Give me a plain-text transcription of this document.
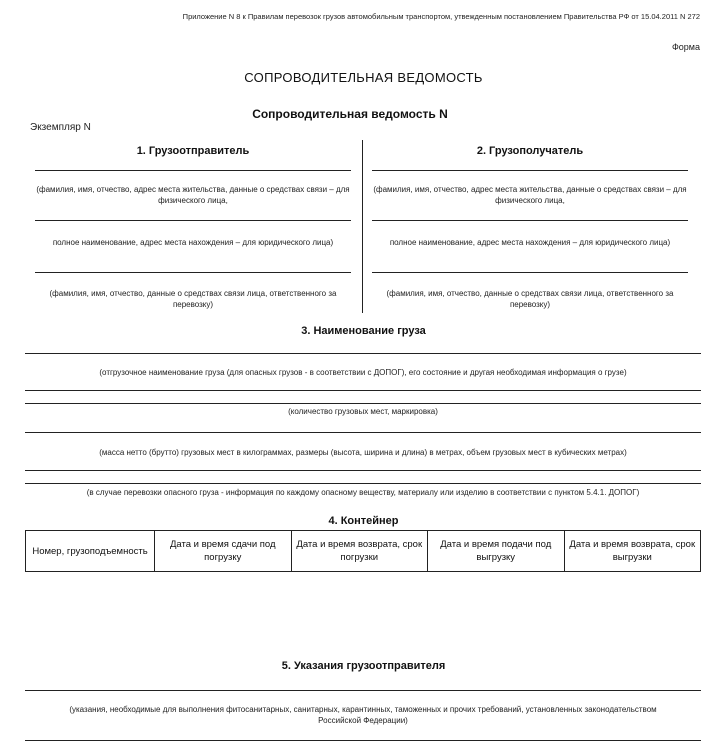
Приложение N 8 к Правилам перевозок грузов автомобильным транспортом, утвежденным постановлением Правительства РФ от 15.04.2011 N 272
Форма
СОПРОВОДИТЕЛЬНАЯ ВЕДОМОСТЬ
Сопроводительная ведомость N
Экземпляр N
1. Грузоотправитель
(фамилия, имя, отчество, адрес места жительства, данные о средствах связи – для физического лица,
полное наименование, адрес места нахождения – для юридического лица)
(фамилия, имя, отчество, данные о средствах связи лица, ответственного за перевозку)
2. Грузополучатель
(фамилия, имя, отчество, адрес места жительства, данные о средствах связи – для физического лица,
полное наименование, адрес места нахождения – для юридического лица)
(фамилия, имя, отчество, данные о средствах связи лица, ответственного за перевозку)
3. Наименование груза
(отгрузочное наименование груза (для опасных грузов - в соответствии с ДОПОГ), его состояние и другая необходимая информация о грузе)
(количество грузовых мест, маркировка)
(масса нетто (брутто) грузовых мест в килограммах, размеры (высота, ширина и длина) в метрах, объем грузовых мест в кубических метрах)
(в случае перевозки опасного груза - информация по каждому опасному веществу, материалу или изделию в соответствии с пунктом 5.4.1. ДОПОГ)
4. Контейнер
Номер, грузоподъемность	Дата и время сдачи под погрузку	Дата и время возврата, срок погрузки	Дата и время подачи под выгрузку	Дата и время возврата, срок выгрузки
5. Указания грузоотправителя
(указания, необходимые для выполнения фитосанитарных, санитарных, карантинных, таможенных и прочих требований, установленных законодательством Российской Федерации)
